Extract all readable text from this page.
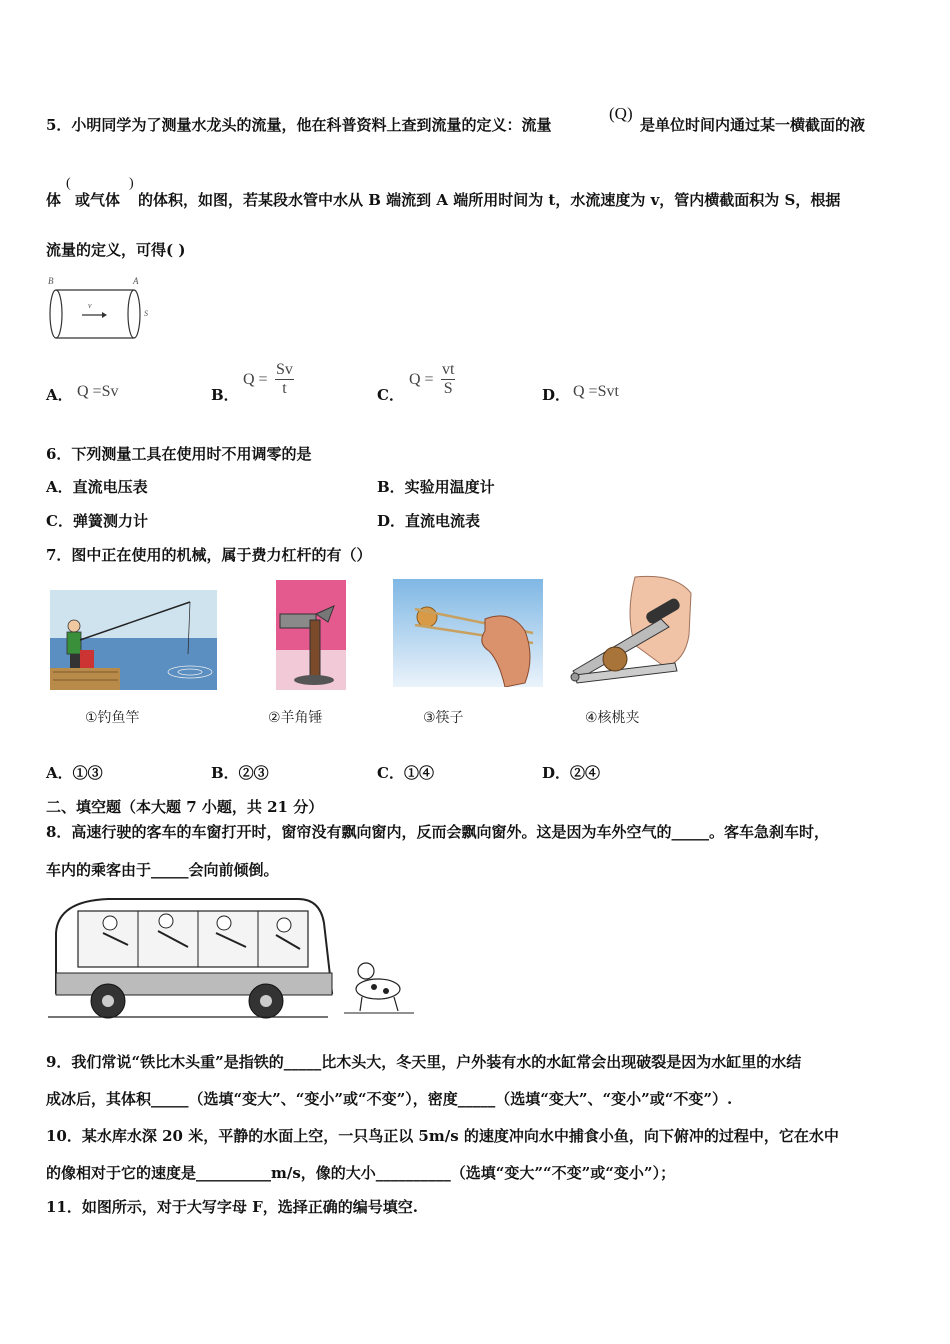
5．小明同学为了测量水龙头的流量，他在科普资料上查到流量的定义：流量
(Q)
是单位时间内通过某一横截面的液
体
(
或气体
)
的体积，如图，若某段水管中水从 B 端流到 A 端所用时间为 t，水流速度为 v，管内横截面积为 S，根据
流量的定义，可得( )
B	A
v
S
A． Q =Sv	B．
$Q = \frac{Sv}{t}$	C．
$Q = \frac{vt}{S}$	D． Q =Svt
6．下列测量工具在使用时不用调零的是
A．直流电压表	B．实验用温度计
C．弹簧测力计	D．直流电流表
7．图中正在使用的机械，属于费力杠杆的有（）
①钓鱼竿	②羊角锤	③筷子	④核桃夹
A．①③	B．②③	C．①④	D．②④
二、填空题（本大题 7 小题，共 21 分）
8．高速行驶的客车的车窗打开时，窗帘没有飘向窗内，反而会飘向窗外。这是因为车外空气的_____。客车急刹车时，
车内的乘客由于_____会向前倾倒。
9．我们常说“铁比木头重”是指铁的_____比木头大，冬天里，户外装有水的水缸常会出现破裂是因为水缸里的水结
成冰后，其体积_____（选填“变大”、“变小”或“不变”），密度_____（选填“变大”、“变小”或“不变”）.
10．某水库水深 20 米，平静的水面上空，一只鸟正以 5m/s 的速度冲向水中捕食小鱼，向下俯冲的过程中，它在水中
的像相对于它的速度是__________m/s，像的大小__________（选填“变大”“不变”或“变小”）；
11．如图所示，对于大写字母 F，选择正确的编号填空.
